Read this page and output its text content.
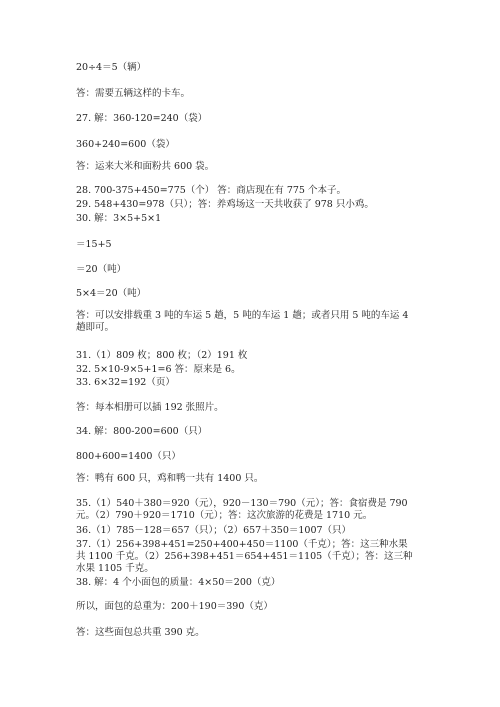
20÷4＝5（辆）
答：需要五辆这样的卡车。
27. 解：360-120=240（袋）
360+240=600（袋）
答：运来大米和面粉共 600 袋。
28. 700-375+450=775（个） 答：商店现在有 775 个本子。
29. 548+430=978（只）；答：养鸡场这一天共收获了 978 只小鸡。
30. 解：3×5+5×1
＝15+5
＝20（吨）
5×4＝20（吨）
答：可以安排载重 3 吨的车运 5 趟，5 吨的车运 1 趟；或者只用 5 吨的车运 4 趟即可。
31.（1）809 枚；800 枚；（2）191 枚
32. 5×10-9×5+1=6 答：原来是 6。
33. 6×32=192（页）
答：每本相册可以插 192 张照片。
34. 解：800-200=600（只）
800+600=1400（只）
答：鸭有 600 只，鸡和鸭一共有 1400 只。
35.（1）540＋380＝920（元），920－130＝790（元）；答：食宿费是 790 元。（2）790＋920＝1710（元）；答：这次旅游的花费是 1710 元。
36.（1）785－128＝657（只）；（2）657＋350＝1007（只）
37.（1）256+398+451=250+400+450＝1100（千克）；答：这三种水果共 1100 千克。（2）256+398+451＝654+451＝1105（千克）；答：这三种水果 1105 千克。
38. 解：4 个小面包的质量：4×50＝200（克）
所以，面包的总重为：200＋190＝390（克）
答：这些面包总共重 390 克。
